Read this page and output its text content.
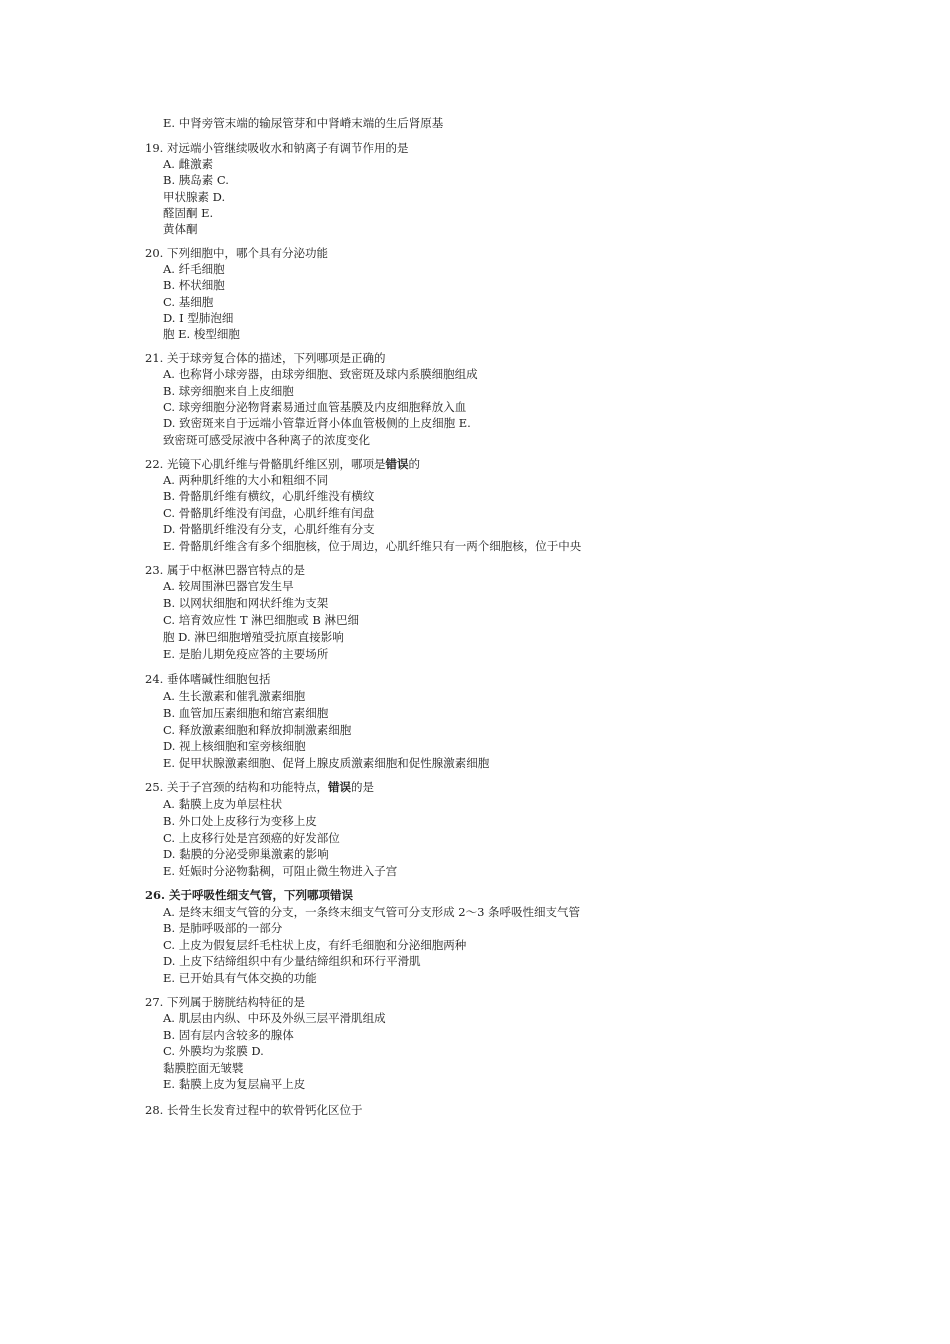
E. 中肾旁管末端的输尿管芽和中肾嵴末端的生后肾原基
19. 对远端小管继续吸收水和钠离子有调节作用的是
A. 雌激素
B. 胰岛素 C.
甲状腺素 D.
醛固酮 E.
黄体酮
20. 下列细胞中，哪个具有分泌功能
A. 纤毛细胞
B. 杯状细胞
C. 基细胞
D. Ⅰ 型肺泡细
胞 E. 梭型细胞
21. 关于球旁复合体的描述，下列哪项是正确的
A. 也称肾小球旁器，由球旁细胞、致密斑及球内系膜细胞组成
B. 球旁细胞来自上皮细胞
C. 球旁细胞分泌物肾素易通过血管基膜及内皮细胞释放入血
D. 致密斑来自于远端小管靠近肾小体血管极侧的上皮细胞 E.
致密斑可感受尿液中各种离子的浓度变化
22. 光镜下心肌纤维与骨骼肌纤维区别，哪项是错误的
A. 两种肌纤维的大小和粗细不同
B. 骨骼肌纤维有横纹，心肌纤维没有横纹
C. 骨骼肌纤维没有闰盘，心肌纤维有闰盘
D. 骨骼肌纤维没有分支，心肌纤维有分支
E. 骨骼肌纤维含有多个细胞核，位于周边，心肌纤维只有一两个细胞核，位于中央
23. 属于中枢淋巴器官特点的是
A. 较周围淋巴器官发生早
B. 以网状细胞和网状纤维为支架
C. 培育效应性 T 淋巴细胞或 B 淋巴细
胞 D. 淋巴细胞增殖受抗原直接影响
E. 是胎儿期免疫应答的主要场所
24. 垂体嗜碱性细胞包括
A. 生长激素和催乳激素细胞
B. 血管加压素细胞和缩宫素细胞
C. 释放激素细胞和释放抑制激素细胞
D. 视上核细胞和室旁核细胞
E. 促甲状腺激素细胞、促肾上腺皮质激素细胞和促性腺激素细胞
25. 关于子宫颈的结构和功能特点，错误的是
A. 黏膜上皮为单层柱状
B. 外口处上皮移行为变移上皮
C. 上皮移行处是宫颈癌的好发部位
D. 黏膜的分泌受卵巢激素的影响
E. 妊娠时分泌物黏稠，可阻止微生物进入子宫
26. 关于呼吸性细支气管，下列哪项错误
A. 是终末细支气管的分支，一条终末细支气管可分支形成 2～3 条呼吸性细支气管
B. 是肺呼吸部的一部分
C. 上皮为假复层纤毛柱状上皮，有纤毛细胞和分泌细胞两种
D. 上皮下结缔组织中有少量结缔组织和环行平滑肌
E. 已开始具有气体交换的功能
27. 下列属于膀胱结构特征的是
A. 肌层由内纵、中环及外纵三层平滑肌组成
B. 固有层内含较多的腺体
C. 外膜均为浆膜 D.
黏膜腔面无皱襞
E. 黏膜上皮为复层扁平上皮
28. 长骨生长发育过程中的软骨钙化区位于
